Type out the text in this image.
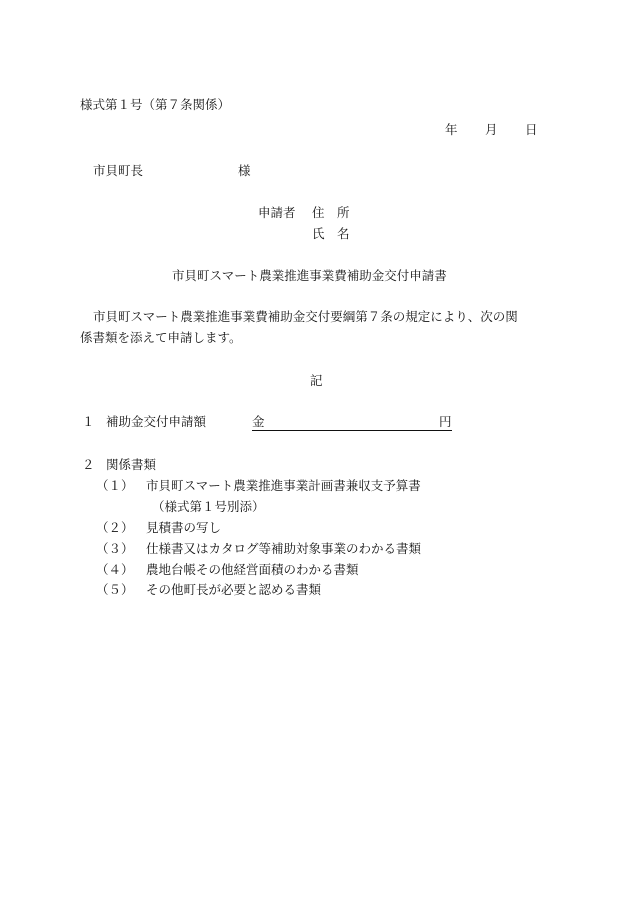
様式第１号（第７条関係）

年 月 日

市貝町長	様

申請者 住　所

氏　名

市貝町スマート農業推進事業費補助金交付申請書

市貝町スマート農業推進事業費補助金交付要綱第７条の規定により、次の関

係書類を添えて申請します。

記

１ 補助金交付申請額	金	円

２ 関係書類

（１） 市貝町スマート農業推進事業計画書兼収支予算書

（様式第１号別添）

（２） 見積書の写し

（３） 仕様書又はカタログ等補助対象事業のわかる書類

（４） 農地台帳その他経営面積のわかる書類

（５） その他町長が必要と認める書類
